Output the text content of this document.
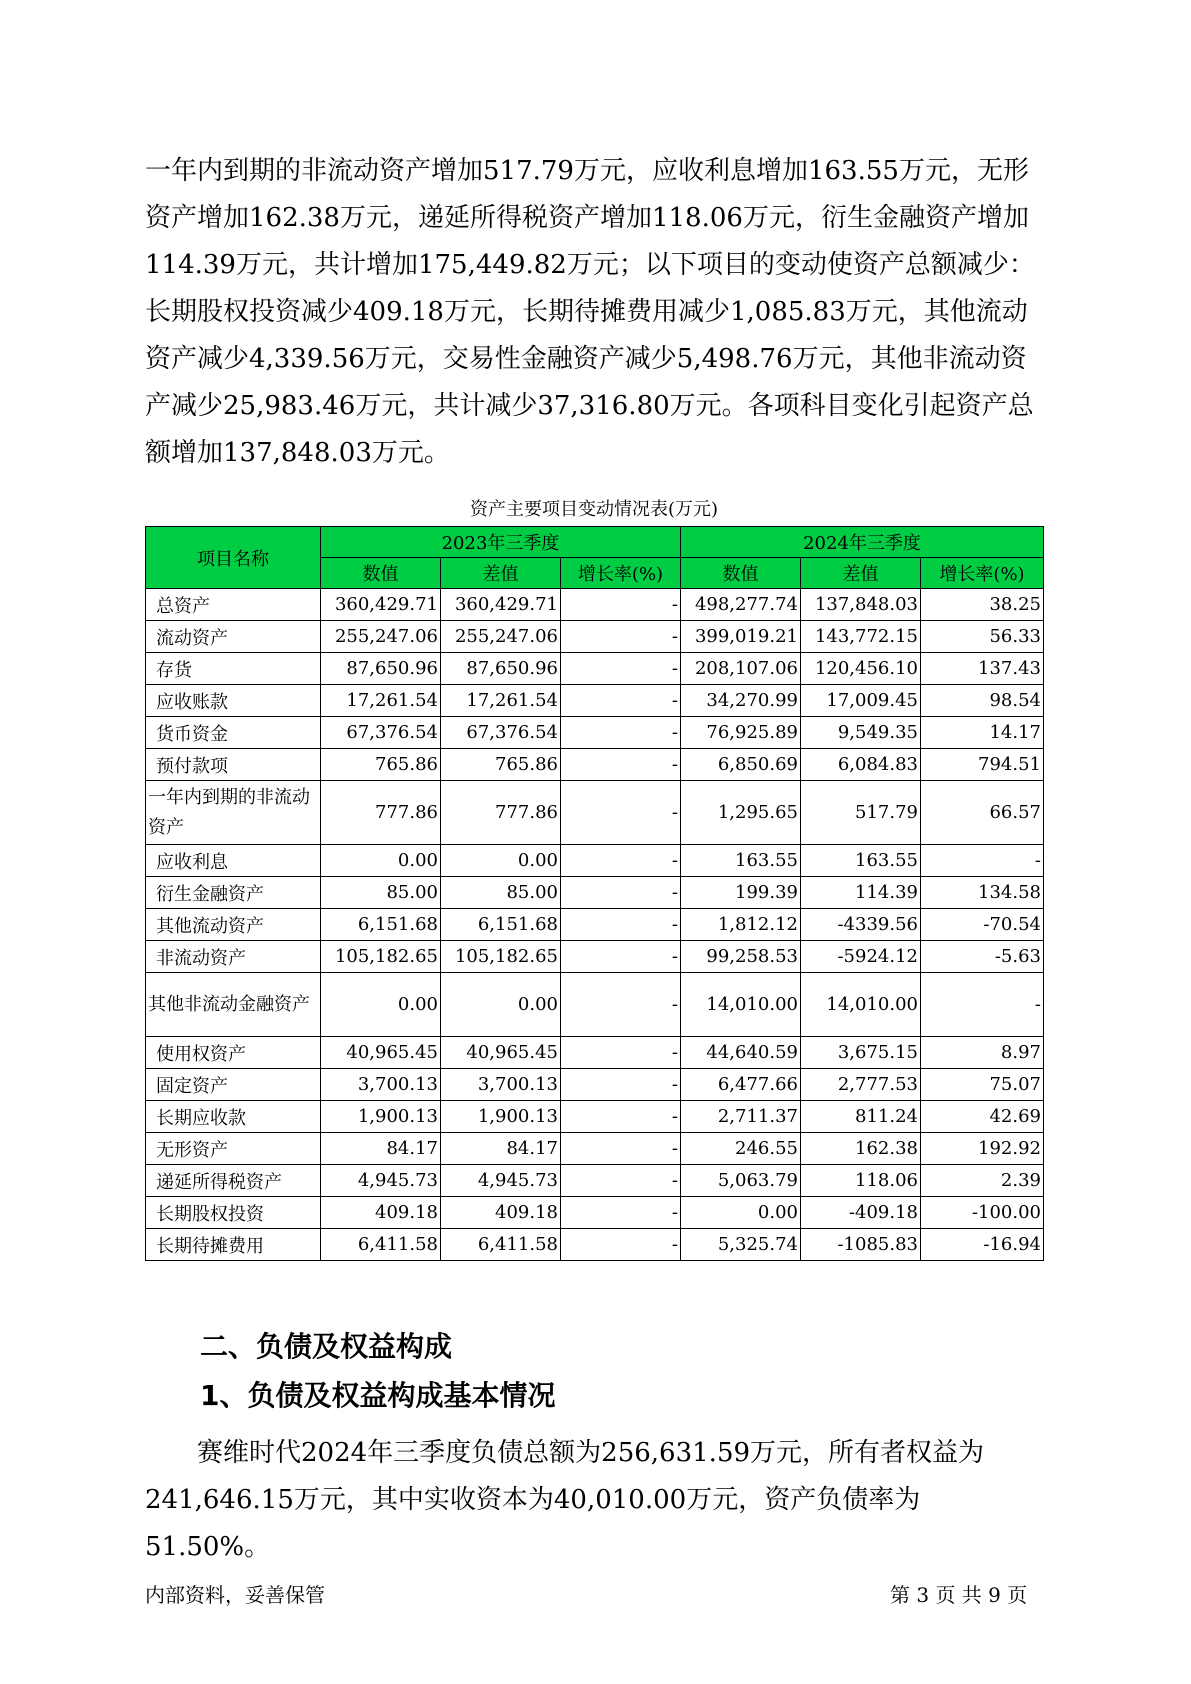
一年内到期的非流动资产增加517.79万元，应收利息增加163.55万元，无形资产增加162.38万元，递延所得税资产增加118.06万元，衍生金融资产增加114.39万元，共计增加175,449.82万元；以下项目的变动使资产总额减少：长期股权投资减少409.18万元，长期待摊费用减少1,085.83万元，其他流动资产减少4,339.56万元，交易性金融资产减少5,498.76万元，其他非流动资产减少25,983.46万元，共计减少37,316.80万元。各项科目变化引起资产总额增加137,848.03万元。

资产主要项目变动情况表(万元)
项目名称	2023年三季度			2024年三季度		
	数值	差值	增长率(%)	数值	差值	增长率(%)
总资产	360,429.71	360,429.71	-	498,277.74	137,848.03	38.25
流动资产	255,247.06	255,247.06	-	399,019.21	143,772.15	56.33
存货	87,650.96	87,650.96	-	208,107.06	120,456.10	137.43
应收账款	17,261.54	17,261.54	-	34,270.99	17,009.45	98.54
货币资金	67,376.54	67,376.54	-	76,925.89	9,549.35	14.17
预付款项	765.86	765.86	-	6,850.69	6,084.83	794.51
一年内到期的非流动资产	777.86	777.86	-	1,295.65	517.79	66.57
应收利息	0.00	0.00	-	163.55	163.55	-
衍生金融资产	85.00	85.00	-	199.39	114.39	134.58
其他流动资产	6,151.68	6,151.68	-	1,812.12	-4339.56	-70.54
非流动资产	105,182.65	105,182.65	-	99,258.53	-5924.12	-5.63
其他非流动金融资产	0.00	0.00	-	14,010.00	14,010.00	-
使用权资产	40,965.45	40,965.45	-	44,640.59	3,675.15	8.97
固定资产	3,700.13	3,700.13	-	6,477.66	2,777.53	75.07
长期应收款	1,900.13	1,900.13	-	2,711.37	811.24	42.69
无形资产	84.17	84.17	-	246.55	162.38	192.92
递延所得税资产	4,945.73	4,945.73	-	5,063.79	118.06	2.39
长期股权投资	409.18	409.18	-	0.00	-409.18	-100.00
长期待摊费用	6,411.58	6,411.58	-	5,325.74	-1085.83	-16.94
二、负债及权益构成
1、负债及权益构成基本情况

赛维时代2024年三季度负债总额为256,631.59万元，所有者权益为241,646.15万元，其中实收资本为40,010.00万元，资产负债率为51.50%。

内部资料，妥善保管	第 3 页 共 9 页
